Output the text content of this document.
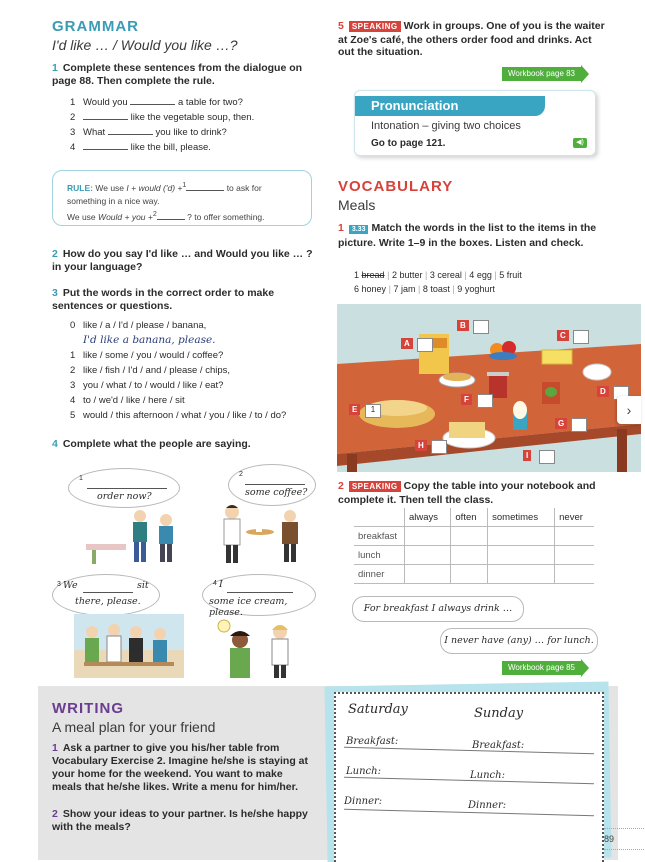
GRAMMAR
I'd like … / Would you like …?
1 Complete these sentences from the dialogue on page 88. Then complete the rule.
1 Would you	a table for two?
2	like the vegetable soup, then.
3 What	you like to drink?
4	like the bill, please.
RULE: We use I + would ('d) +$^1$	to ask for
something in a nice way.
We use Would + you +$^2$	? to offer something.
2 How do you say I'd like … and Would you like … ? in your language?
3 Put the words in the correct order to make sentences or questions.
0 like / a / I'd / please / banana,
I'd like a banana, please.
1 like / some / you / would / coffee?
2 like / fish / I'd / and / please / chips,
3 you / what / to / would / like / eat?
4 to / we'd / like / here / sit
5 would / this afternoon / what / you / like / to / do?
4 Complete what the people are saying.
1
order now?
2
some coffee?
3 We	sit
there, please.
4 I
some ice cream, please.
5 SPEAKING Work in groups. One of you is the waiter at Zoe's café, the others order food and drinks. Act out the situation.
Workbook page 83
Pronunciation
Intonation – giving two choices
Go to page 121.	◀)
VOCABULARY
Meals
1 3.33 Match the words in the list to the items in the picture. Write 1–9 in the boxes. Listen and check.
1 bread | 2 butter | 3 cereal | 4 egg | 5 fruit
6 honey | 7 jam | 8 toast | 9 yoghurt
B
C
A
D
F
E	1
G
H
I
›
2 SPEAKING Copy the table into your notebook and complete it. Then tell the class.
	always	often	sometimes	never
breakfast				
lunch				
dinner				
For breakfast I always drink …
I never have (any) … for lunch.
Workbook page 85
WRITING
A meal plan for your friend
1 Ask a partner to give you his/her table from Vocabulary Exercise 2. Imagine he/she is staying at your home for the weekend. You want to make meals that he/she likes. Write a menu for him/her.
2 Show your ideas to your partner. Is he/she happy with the meals?
Saturday	Sunday
Breakfast:	Breakfast:
Lunch:	Lunch:
Dinner:	Dinner:
89
